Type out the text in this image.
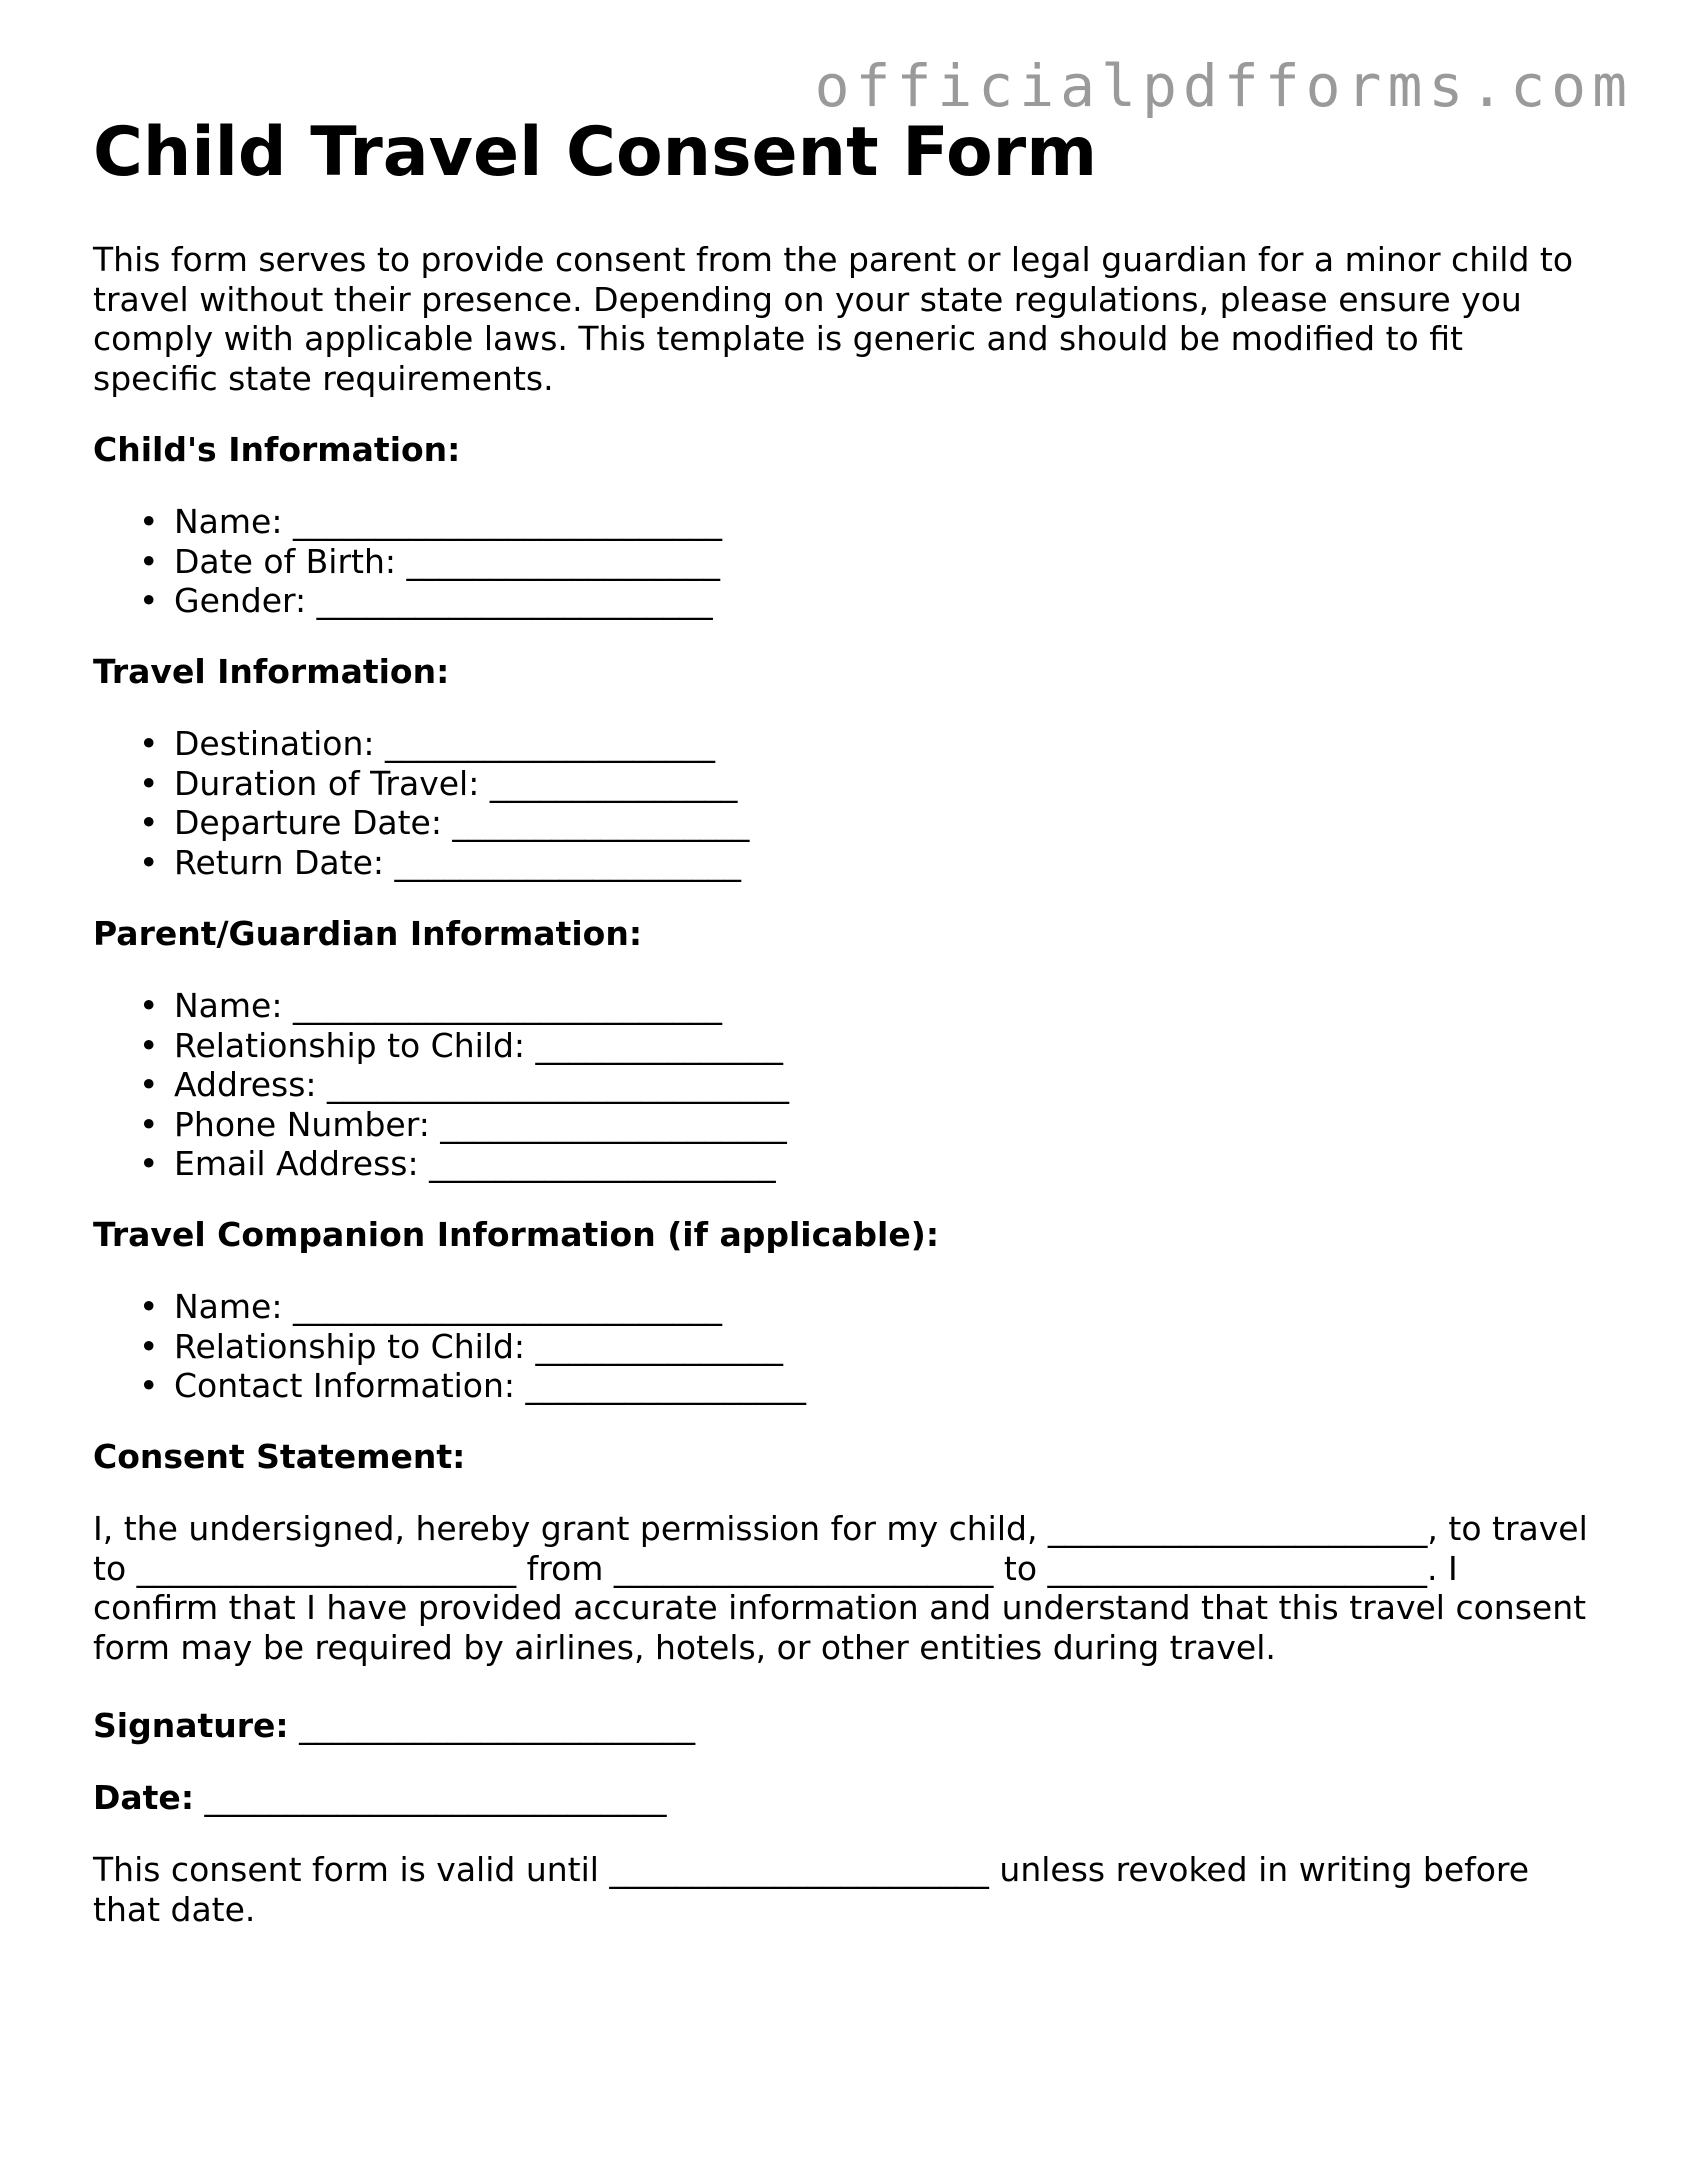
officialpdfforms.com
Child Travel Consent Form

This form serves to provide consent from the parent or legal guardian for a minor child to travel without their presence. Depending on your state regulations, please ensure you comply with applicable laws. This template is generic and should be modified to fit specific state requirements.

Child's Information:
• Name: __________________________
• Date of Birth: ___________________
• Gender: ________________________
Travel Information:
• Destination: ____________________
• Duration of Travel: _______________
• Departure Date: __________________
• Return Date: _____________________
Parent/Guardian Information:
• Name: __________________________
• Relationship to Child: _______________
• Address: ____________________________
• Phone Number: _____________________
• Email Address: _____________________
Travel Companion Information (if applicable):
• Name: __________________________
• Relationship to Child: _______________
• Contact Information: _________________
Consent Statement:

I, the undersigned, hereby grant permission for my child, _______________________, to travel to _______________________ from _______________________ to _______________________. I confirm that I have provided accurate information and understand that this travel consent form may be required by airlines, hotels, or other entities during travel.

Signature: ________________________

Date: ____________________________

This consent form is valid until _______________________ unless revoked in writing before that date.
